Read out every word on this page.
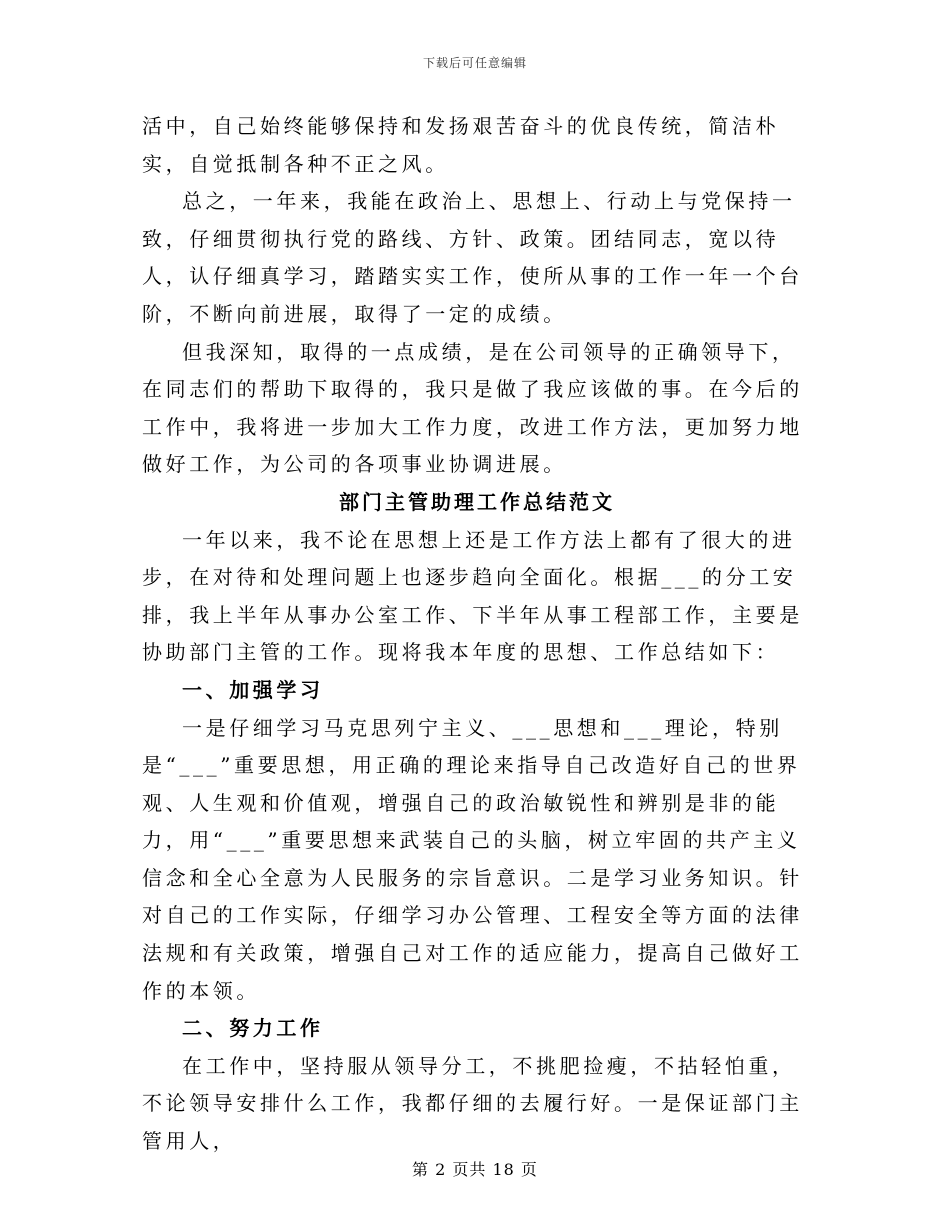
下载后可任意编辑

活中，自己始终能够保持和发扬艰苦奋斗的优良传统，简洁朴实，自觉抵制各种不正之风。

总之，一年来，我能在政治上、思想上、行动上与党保持一致，仔细贯彻执行党的路线、方针、政策。团结同志，宽以待人，认仔细真学习，踏踏实实工作，使所从事的工作一年一个台阶，不断向前进展，取得了一定的成绩。

但我深知，取得的一点成绩，是在公司领导的正确领导下，在同志们的帮助下取得的，我只是做了我应该做的事。在今后的工作中，我将进一步加大工作力度，改进工作方法，更加努力地做好工作，为公司的各项事业协调进展。

部门主管助理工作总结范文

一年以来，我不论在思想上还是工作方法上都有了很大的进步，在对待和处理问题上也逐步趋向全面化。根据___的分工安排，我上半年从事办公室工作、下半年从事工程部工作，主要是协助部门主管的工作。现将我本年度的思想、工作总结如下：

一、加强学习

一是仔细学习马克思列宁主义、___思想和___理论，特别是“___”重要思想，用正确的理论来指导自己改造好自己的世界观、人生观和价值观，增强自己的政治敏锐性和辨别是非的能力，用“___”重要思想来武装自己的头脑，树立牢固的共产主义信念和全心全意为人民服务的宗旨意识。二是学习业务知识。针对自己的工作实际，仔细学习办公管理、工程安全等方面的法律法规和有关政策，增强自己对工作的适应能力，提高自己做好工作的本领。

二、努力工作

在工作中，坚持服从领导分工，不挑肥捡瘦，不拈轻怕重，不论领导安排什么工作，我都仔细的去履行好。一是保证部门主管用人，

第 2 页共 18 页
